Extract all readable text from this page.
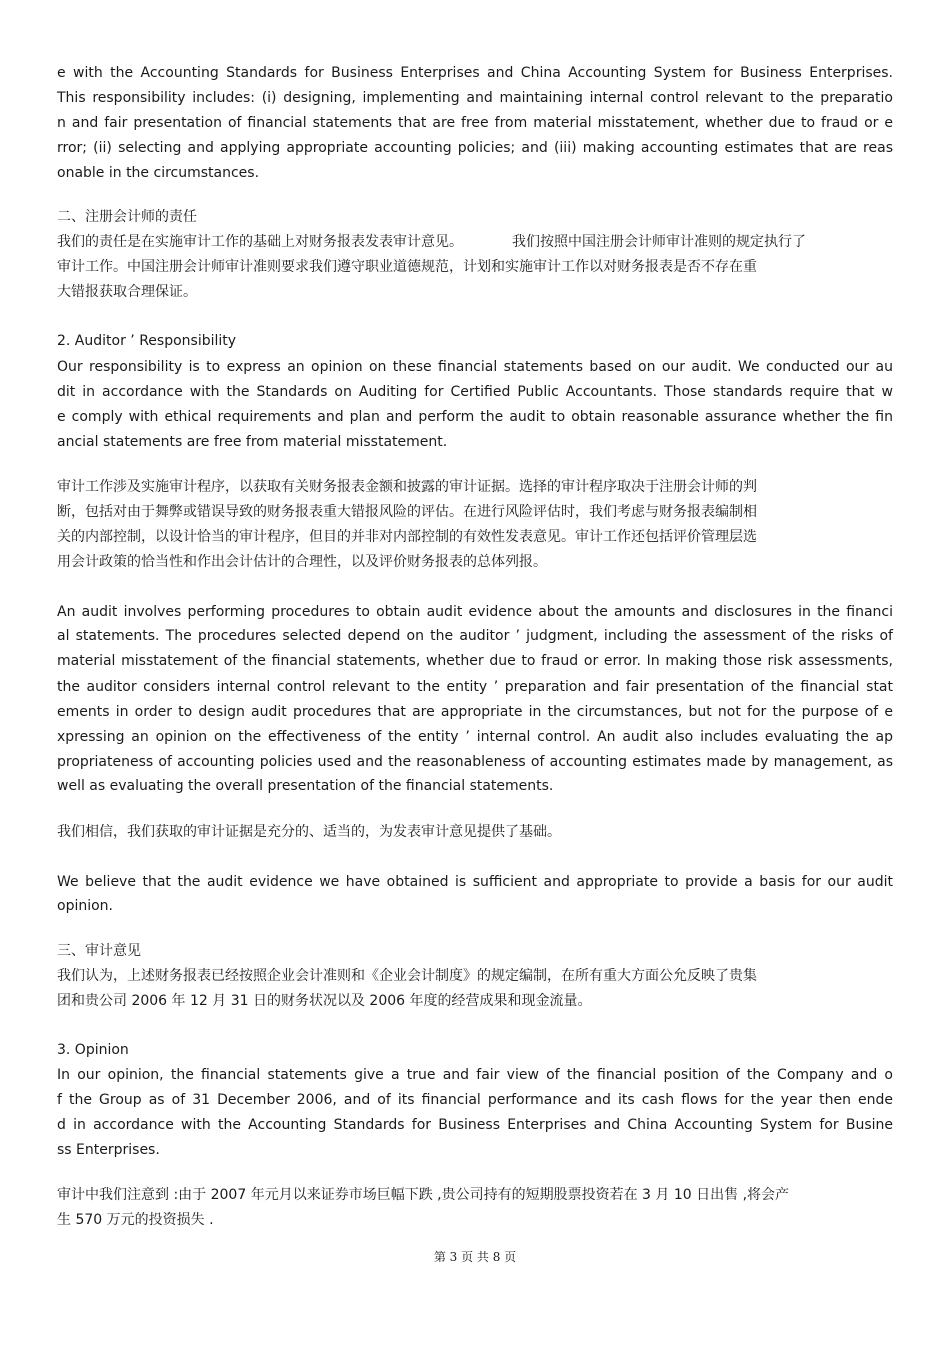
e with the Accounting Standards for Business Enterprises and China Accounting System for Business Enterprises.

This responsibility includes: (i) designing, implementing and maintaining internal control relevant to the preparatio

n and fair presentation of financial statements that are free from material misstatement, whether due to fraud or e

rror; (ii) selecting and applying appropriate accounting policies; and (iii) making accounting estimates that are reas

onable in the circumstances.

二、注册会计师的责任

我们的责任是在实施审计工作的基础上对财务报表发表审计意见。　　　　我们按照中国注册会计师审计准则的规定执行了

审计工作。中国注册会计师审计准则要求我们遵守职业道德规范，计划和实施审计工作以对财务报表是否不存在重

大错报获取合理保证。

2. Auditor ’ Responsibility

Our responsibility is to express an opinion on these financial statements based on our audit. We conducted our au

dit in accordance with the Standards on Auditing for Certified Public Accountants. Those standards require that w

e comply with ethical requirements and plan and perform the audit to obtain reasonable assurance whether the fin

ancial statements are free from material misstatement.

审计工作涉及实施审计程序，以获取有关财务报表金额和披露的审计证据。选择的审计程序取决于注册会计师的判

断，包括对由于舞弊或错误导致的财务报表重大错报风险的评估。在进行风险评估时，我们考虑与财务报表编制相

关的内部控制，以设计恰当的审计程序，但目的并非对内部控制的有效性发表意见。审计工作还包括评价管理层选

用会计政策的恰当性和作出会计估计的合理性，以及评价财务报表的总体列报。

An audit involves performing procedures to obtain audit evidence about the amounts and disclosures in the financi

al statements. The procedures selected depend on the auditor ’ judgment, including the assessment of the risks of

material misstatement of the financial statements, whether due to fraud or error. In making those risk assessments,

the auditor considers internal control relevant to the entity ’ preparation and fair presentation of the financial stat

ements in order to design audit procedures that are appropriate in the circumstances, but not for the purpose of e

xpressing an opinion on the effectiveness of the entity ’ internal control. An audit also includes evaluating the ap

propriateness of accounting policies used and the reasonableness of accounting estimates made by management, as

well as evaluating the overall presentation of the financial statements.

我们相信，我们获取的审计证据是充分的、适当的，为发表审计意见提供了基础。

We believe that the audit evidence we have obtained is sufficient and appropriate to provide a basis for our audit

opinion.

三、审计意见

我们认为，上述财务报表已经按照企业会计准则和《企业会计制度》的规定编制，在所有重大方面公允反映了贵集

团和贵公司 2006 年 12 月 31 日的财务状况以及 2006 年度的经营成果和现金流量。

3. Opinion

In our opinion, the financial statements give a true and fair view of the financial position of the Company and o

f the Group as of 31 December 2006, and of its financial performance and its cash flows for the year then ende

d in accordance with the Accounting Standards for Business Enterprises and China Accounting System for Busine

ss Enterprises.

审计中我们注意到 :由于 2007 年元月以来证券市场巨幅下跌 ,贵公司持有的短期股票投资若在 3 月 10 日出售 ,将会产

生 570 万元的投资损失 .

第 3 页 共 8 页
